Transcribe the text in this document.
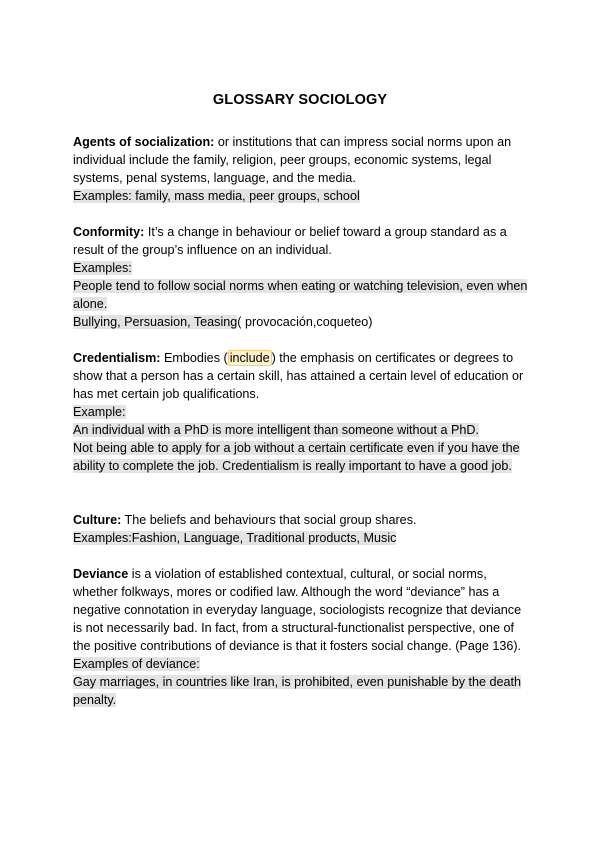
GLOSSARY SOCIOLOGY

Agents of socialization: or institutions that can impress social norms upon an individual include the family, religion, peer groups, economic systems, legal systems, penal systems, language, and the media.

Examples: family, mass media, peer groups, school

Conformity: It’s a change in behaviour or belief toward a group standard as a result of the group’s influence on an individual.

Examples:

People tend to follow social norms when eating or watching television, even when alone.

Bullying, Persuasion, Teasing( provocación,coqueteo)

Credentialism: Embodies ( include ) the emphasis on certificates or degrees to show that a person has a certain skill, has attained a certain level of education or has met certain job qualifications.

Example:

An individual with a PhD is more intelligent than someone without a PhD.

Not being able to apply for a job without a certain certificate even if you have the ability to complete the job. Credentialism is really important to have a good job.

Culture: The beliefs and behaviours that social group shares.

Examples:Fashion, Language, Traditional products, Music

Deviance is a violation of established contextual, cultural, or social norms, whether folkways, mores or codified law. Although the word “deviance” has a negative connotation in everyday language, sociologists recognize that deviance is not necessarily bad. In fact, from a structural-functionalist perspective, one of the positive contributions of deviance is that it fosters social change. (Page 136).

Examples of deviance:

Gay marriages, in countries like Iran, is prohibited, even punishable by the death penalty.
